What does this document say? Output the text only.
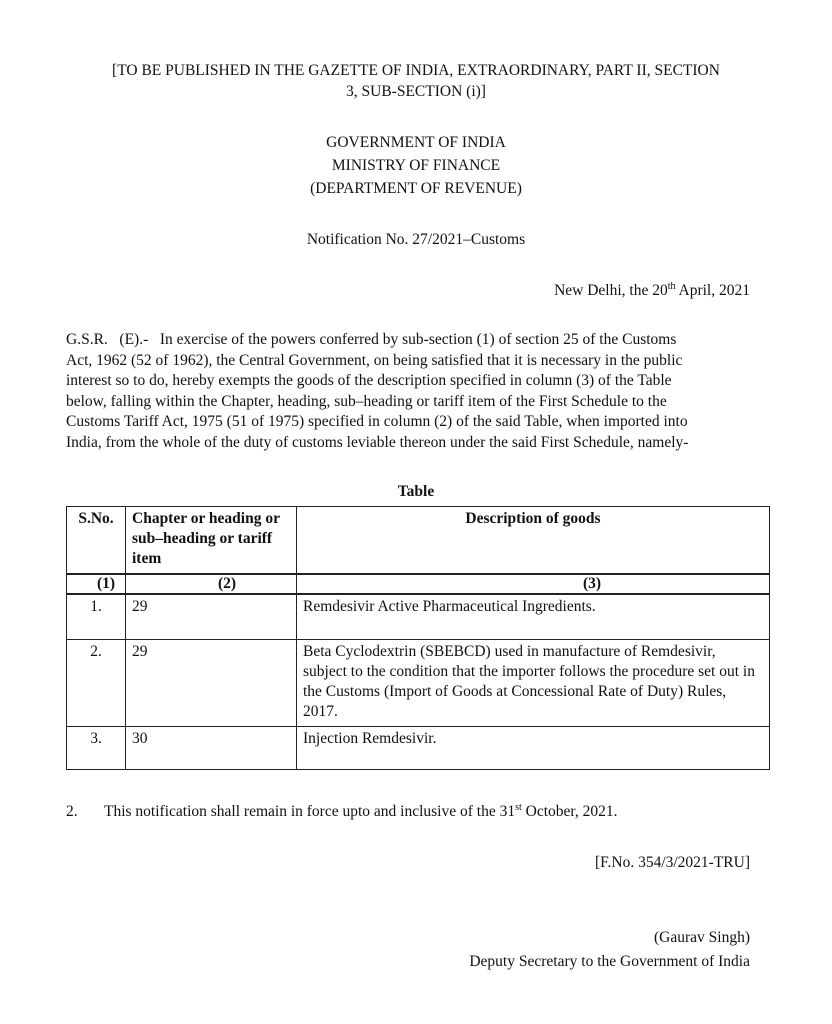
[TO BE PUBLISHED IN THE GAZETTE OF INDIA, EXTRAORDINARY, PART II, SECTION
3, SUB-SECTION (i)]
GOVERNMENT OF INDIA
MINISTRY OF FINANCE
(DEPARTMENT OF REVENUE)
Notification No. 27/2021–Customs
New Delhi, the 20th April, 2021
G.S.R.   (E).-   In exercise of the powers conferred by sub-section (1) of section 25 of the Customs
Act, 1962 (52 of 1962), the Central Government, on being satisfied that it is necessary in the public
interest so to do, hereby exempts the goods of the description specified in column (3) of the Table
below, falling within the Chapter, heading, sub–heading or tariff item of the First Schedule to the
Customs Tariff Act, 1975 (51 of 1975) specified in column (2) of the said Table, when imported into
India, from the whole of the duty of customs leviable thereon under the said First Schedule, namely-
Table
S.No.	Chapter or heading or sub–heading or tariff item	Description of goods
(1)	(2)	(3)
1.	29	Remdesivir Active Pharmaceutical Ingredients.
2.	29	Beta Cyclodextrin (SBEBCD) used in manufacture of Remdesivir, subject to the condition that the importer follows the procedure set out in the Customs (Import of Goods at Concessional Rate of Duty) Rules, 2017.
3.	30	Injection Remdesivir.
2. This notification shall remain in force upto and inclusive of the 31st October, 2021.
[F.No. 354/3/2021-TRU]
(Gaurav Singh)
Deputy Secretary to the Government of India
